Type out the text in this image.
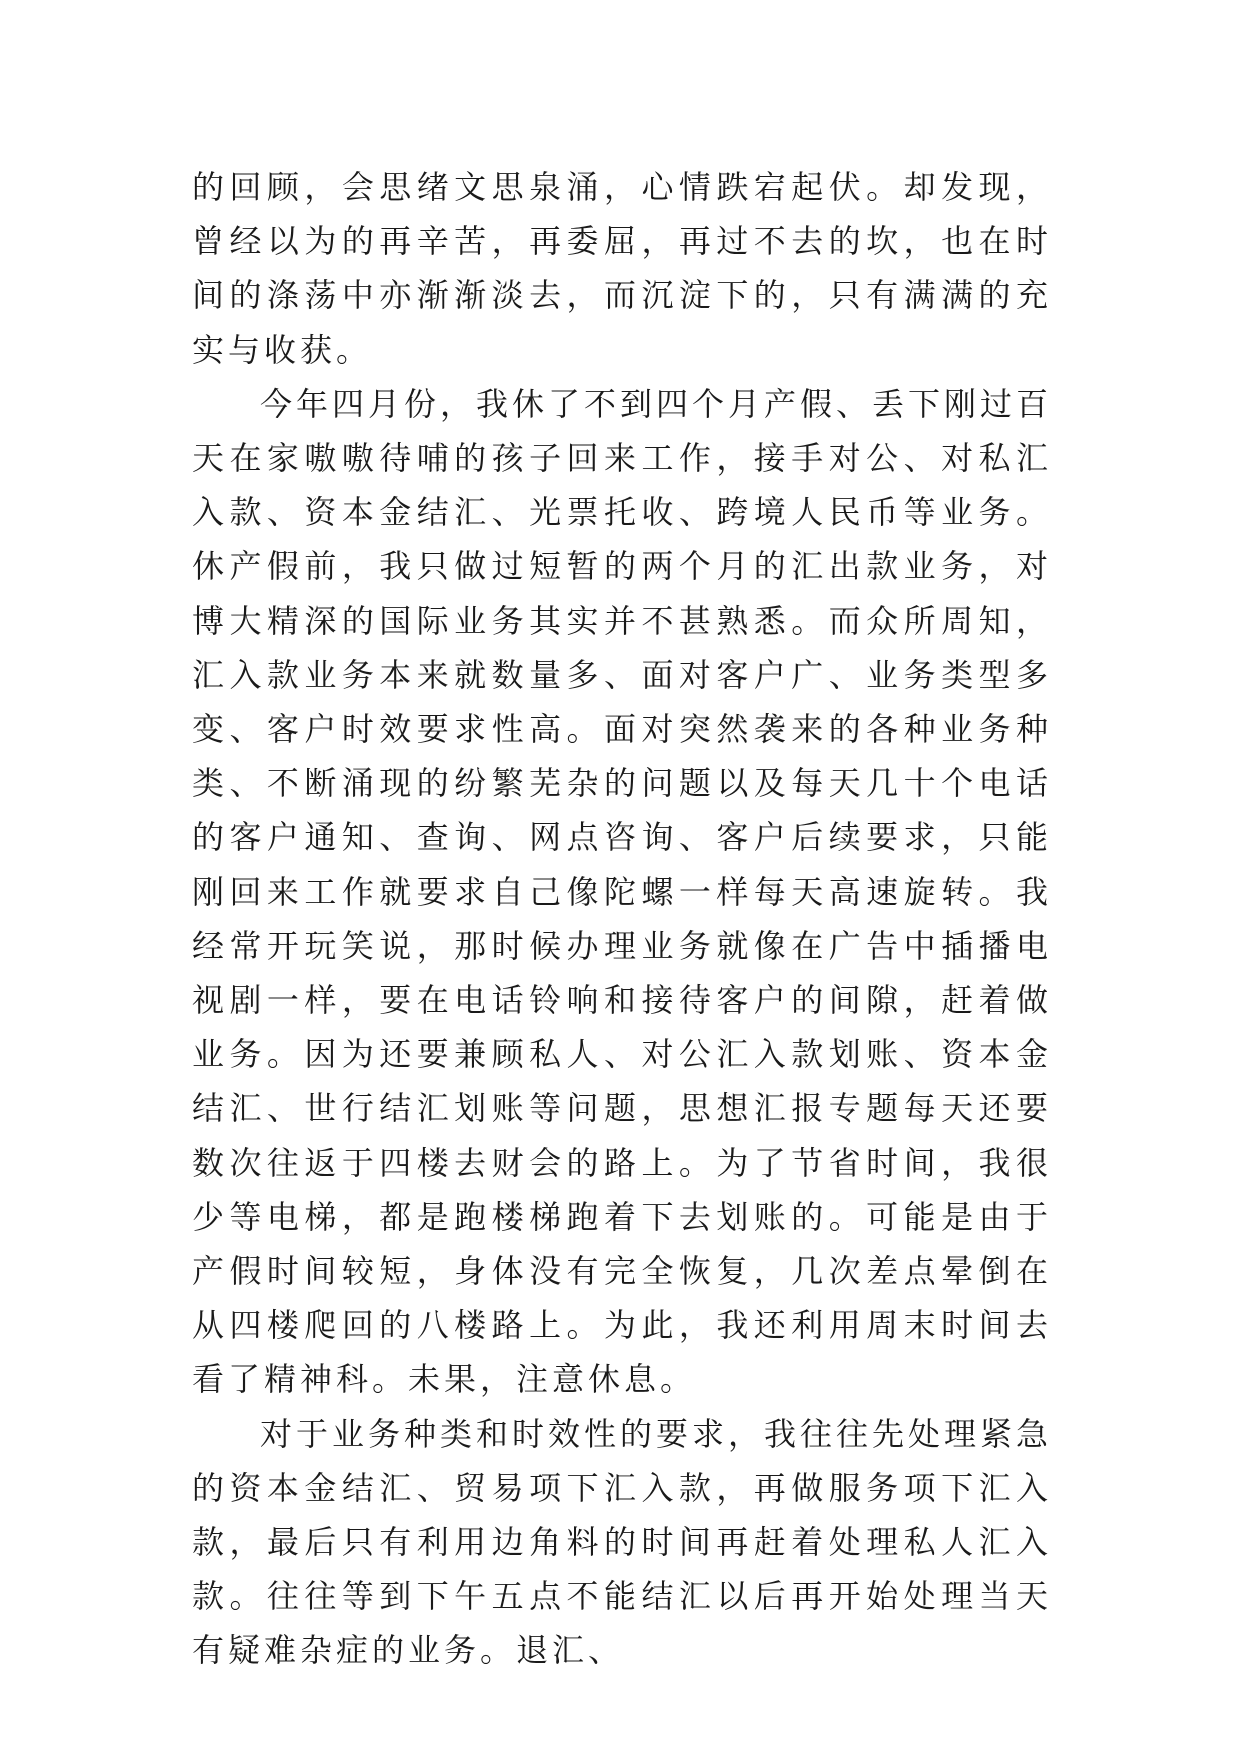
的回顾，会思绪文思泉涌，心情跌宕起伏。却发现，曾经以为的再辛苦，再委屈，再过不去的坎，也在时间的涤荡中亦渐渐淡去，而沉淀下的，只有满满的充实与收获。

今年四月份，我休了不到四个月产假、丢下刚过百天在家嗷嗷待哺的孩子回来工作，接手对公、对私汇入款、资本金结汇、光票托收、跨境人民币等业务。休产假前，我只做过短暂的两个月的汇出款业务，对博大精深的国际业务其实并不甚熟悉。而众所周知，汇入款业务本来就数量多、面对客户广、业务类型多变、客户时效要求性高。面对突然袭来的各种业务种类、不断涌现的纷繁芜杂的问题以及每天几十个电话的客户通知、查询、网点咨询、客户后续要求，只能刚回来工作就要求自己像陀螺一样每天高速旋转。我经常开玩笑说，那时候办理业务就像在广告中插播电视剧一样，要在电话铃响和接待客户的间隙，赶着做业务。因为还要兼顾私人、对公汇入款划账、资本金结汇、世行结汇划账等问题，思想汇报专题每天还要数次往返于四楼去财会的路上。为了节省时间，我很少等电梯，都是跑楼梯跑着下去划账的。可能是由于产假时间较短，身体没有完全恢复，几次差点晕倒在从四楼爬回的八楼路上。为此，我还利用周末时间去看了精神科。未果，注意休息。

对于业务种类和时效性的要求，我往往先处理紧急的资本金结汇、贸易项下汇入款，再做服务项下汇入款，最后只有利用边角料的时间再赶着处理私人汇入款。往往等到下午五点不能结汇以后再开始处理当天有疑难杂症的业务。退汇、
